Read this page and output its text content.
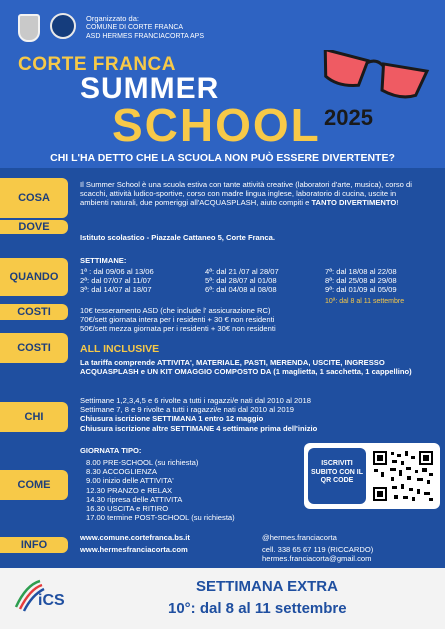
Organizzato da:
COMUNE DI CORTE FRANCA
ASD HERMES FRANCIACORTA APS
CORTE FRANCA
SUMMER
SCHOOL 2025
CHI L'HA DETTO CHE LA SCUOLA NON PUÒ ESSERE DIVERTENTE?
COSA
Il Summer School è una scuola estiva con tante attività creative (laboratori d'arte, musica), corso di scacchi, attività ludico-sportive, corso con madre lingua inglese, laboratorio di cucina, uscite in ambienti naturali, due pomeriggi all'ACQUASPLASH, aiuto compiti e TANTO DIVERTIMENTO!
DOVE
Istituto scolastico - Piazzale Cattaneo 5, Corte Franca.
QUANDO
SETTIMANE:
1ª : dal 09/06 al 13/06
2ª: dal 07/07 al 11/07
3ª: dal 14/07 al 18/07
4ª: dal 21 /07 al 28/07
5ª: dal 28/07 al 01/08
6ª: dal 04/08 al 08/08
7ª: dal 18/08 al 22/08
8ª: dal 25/08 al 29/08
9ª: dal 01/09 al 05/09
10ª: dal 8 al 11 settembre
COSTI	10€ tesseramento ASD (che include l' assicurazione RC)
70€/sett giornata intera per i residenti + 30 € non residenti
50€/sett mezza giornata per i residenti + 30€ non residenti
COSTI	ALL INCLUSIVE
La tariffa comprende ATTIVITA', MATERIALE, PASTI, MERENDA, USCITE, INGRESSO ACQUASPLASH e UN KIT OMAGGIO COMPOSTO DA (1 maglietta, 1 sacchetta, 1 cappellino)
CHI
Settimane 1,2,3,4,5 e 6 rivolte a tutti i ragazzi/e nati dal 2010 al 2018
Settimane 7, 8 e 9 rivolte a tutti i ragazzi/e nati dal 2010 al 2019
Chiusura iscrizione SETTIMANA 1 entro 12 maggio
Chiusura iscrizione altre SETTIMANE 4 settimane prima dell'inizio
COME
GIORNATA TIPO:
8.00 PRE-SCHOOL (su richiesta)
8.30 ACCOGLIENZA
9.00 inizio delle ATTIVITA'
12.30 PRANZO e RELAX
14.30 ripresa delle ATTIVITA
16.30 USCITA e RITIRO
17.00 termine POST-SCHOOL (su richiesta)
ISCRIVITI SUBITO CON IL QR CODE
INFO
www.comune.cortefranca.bs.it
www.hermesfranciacorta.com
@hermes.franciacorta
cell. 338 65 67 119 (RICCARDO)
hermes.franciacorta@gmail.com
iCS
SETTIMANA EXTRA
10°: dal 8 al 11 settembre
